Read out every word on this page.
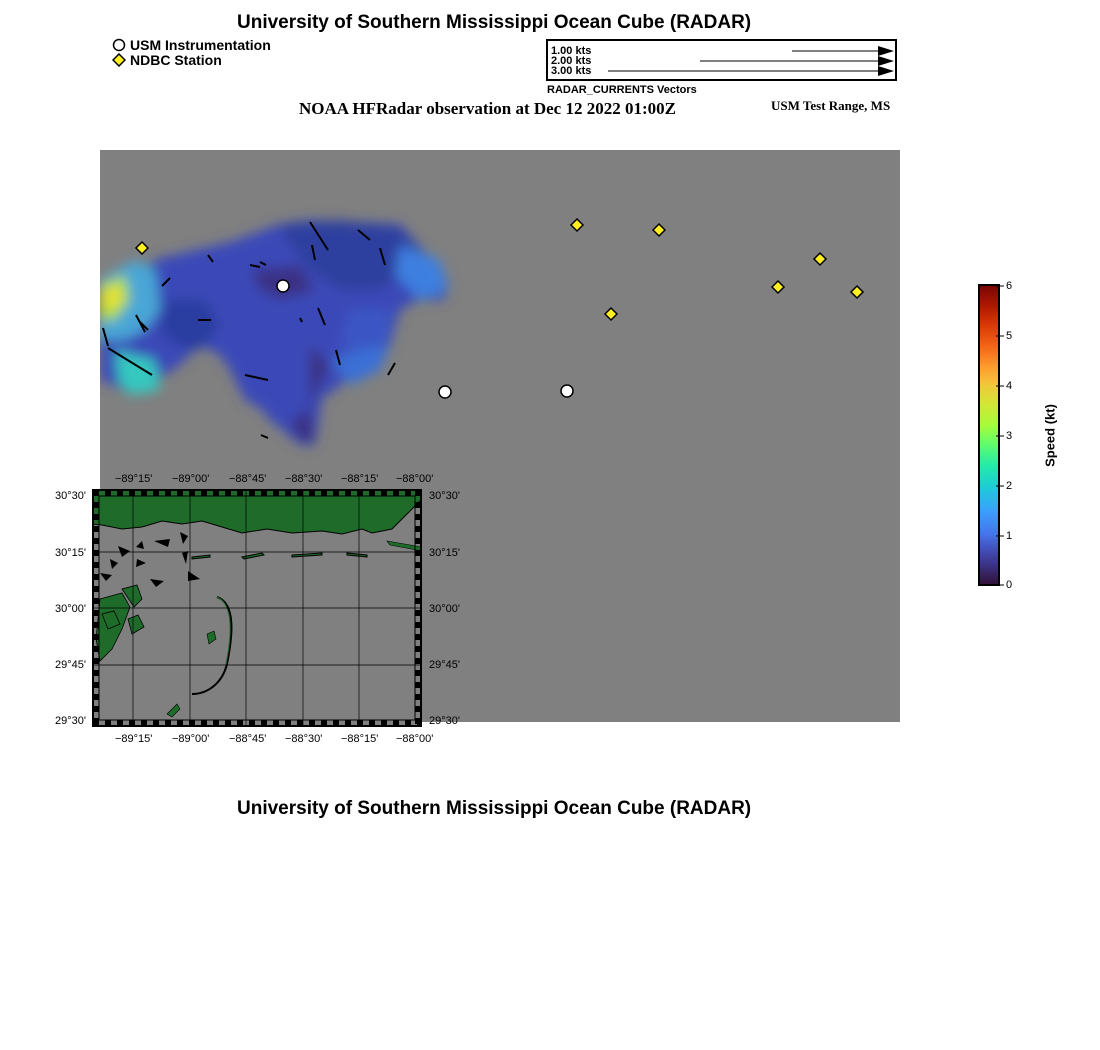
University of Southern Mississippi Ocean Cube (RADAR)
USM Instrumentation
NDBC Station
1.00 kts
2.00 kts
3.00 kts
RADAR_CURRENTS Vectors
NOAA HFRadar observation at Dec 12 2022 01:00Z	USM Test Range, MS
−89°15' −89°00' −88°45' −88°30' −88°15' −88°00'
−89°15' −89°00' −88°45' −88°30' −88°15' −88°00'
30°30'
30°15'
30°00'
29°45'
29°30'
30°30'
30°15'
30°00'
29°45'
29°30'
6
5
4
3
2
1
0
Speed (kt)
University of Southern Mississippi Ocean Cube (RADAR)
